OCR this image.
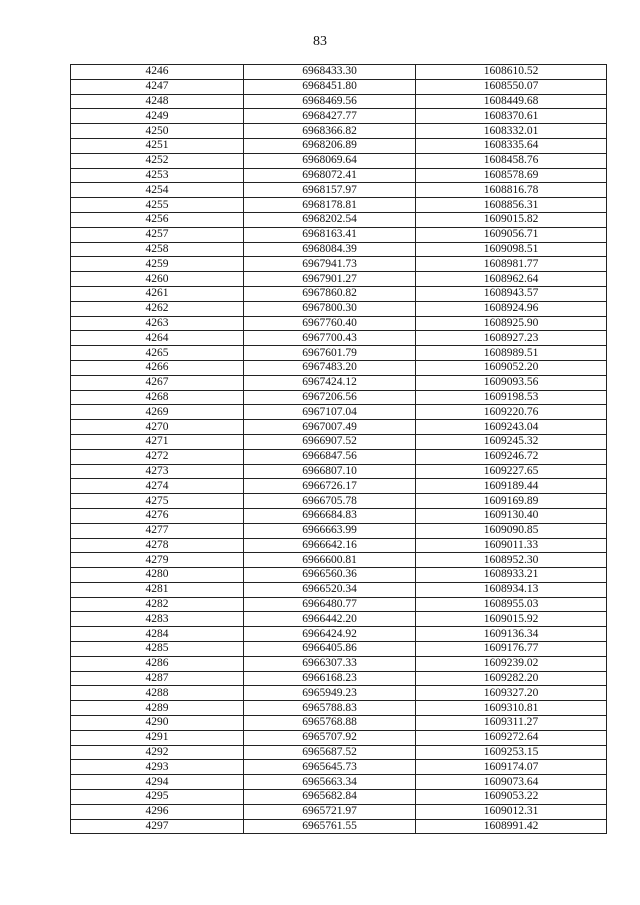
83
4246	6968433.30	1608610.52
4247	6968451.80	1608550.07
4248	6968469.56	1608449.68
4249	6968427.77	1608370.61
4250	6968366.82	1608332.01
4251	6968206.89	1608335.64
4252	6968069.64	1608458.76
4253	6968072.41	1608578.69
4254	6968157.97	1608816.78
4255	6968178.81	1608856.31
4256	6968202.54	1609015.82
4257	6968163.41	1609056.71
4258	6968084.39	1609098.51
4259	6967941.73	1608981.77
4260	6967901.27	1608962.64
4261	6967860.82	1608943.57
4262	6967800.30	1608924.96
4263	6967760.40	1608925.90
4264	6967700.43	1608927.23
4265	6967601.79	1608989.51
4266	6967483.20	1609052.20
4267	6967424.12	1609093.56
4268	6967206.56	1609198.53
4269	6967107.04	1609220.76
4270	6967007.49	1609243.04
4271	6966907.52	1609245.32
4272	6966847.56	1609246.72
4273	6966807.10	1609227.65
4274	6966726.17	1609189.44
4275	6966705.78	1609169.89
4276	6966684.83	1609130.40
4277	6966663.99	1609090.85
4278	6966642.16	1609011.33
4279	6966600.81	1608952.30
4280	6966560.36	1608933.21
4281	6966520.34	1608934.13
4282	6966480.77	1608955.03
4283	6966442.20	1609015.92
4284	6966424.92	1609136.34
4285	6966405.86	1609176.77
4286	6966307.33	1609239.02
4287	6966168.23	1609282.20
4288	6965949.23	1609327.20
4289	6965788.83	1609310.81
4290	6965768.88	1609311.27
4291	6965707.92	1609272.64
4292	6965687.52	1609253.15
4293	6965645.73	1609174.07
4294	6965663.34	1609073.64
4295	6965682.84	1609053.22
4296	6965721.97	1609012.31
4297	6965761.55	1608991.42
